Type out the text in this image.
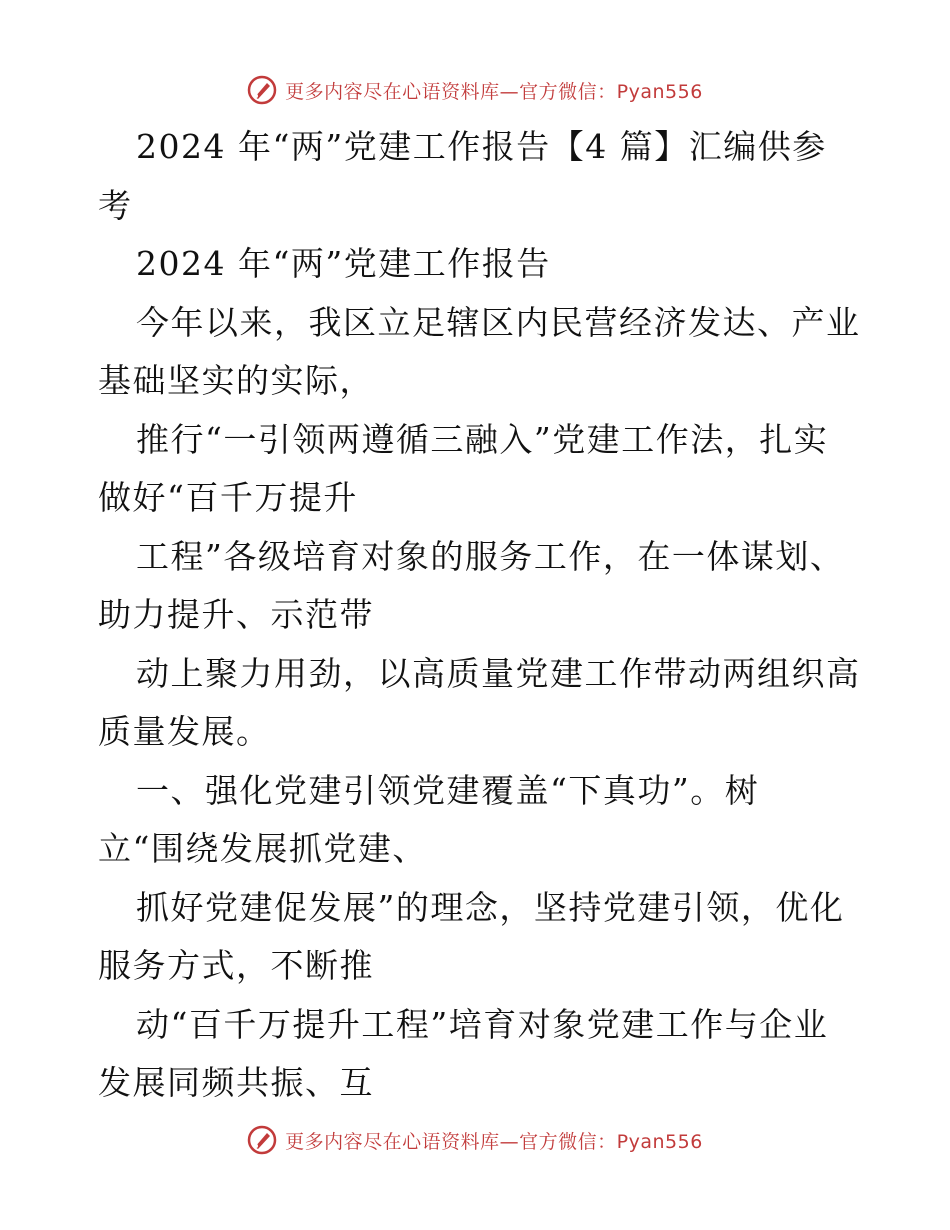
更多内容尽在心语资料库—官方微信：Pyan556
2024 年“两”党建工作报告【4 篇】汇编供参
考
2024 年“两”党建工作报告
今年以来，我区立足辖区内民营经济发达、产业
基础坚实的实际，
推行“一引领两遵循三融入”党建工作法，扎实
做好“百千万提升
工程”各级培育对象的服务工作，在一体谋划、
助力提升、示范带
动上聚力用劲，以高质量党建工作带动两组织高
质量发展。
一、强化党建引领党建覆盖“下真功”。树
立“围绕发展抓党建、
抓好党建促发展”的理念，坚持党建引领，优化
服务方式，不断推
动“百千万提升工程”培育对象党建工作与企业
发展同频共振、互
更多内容尽在心语资料库—官方微信：Pyan556
